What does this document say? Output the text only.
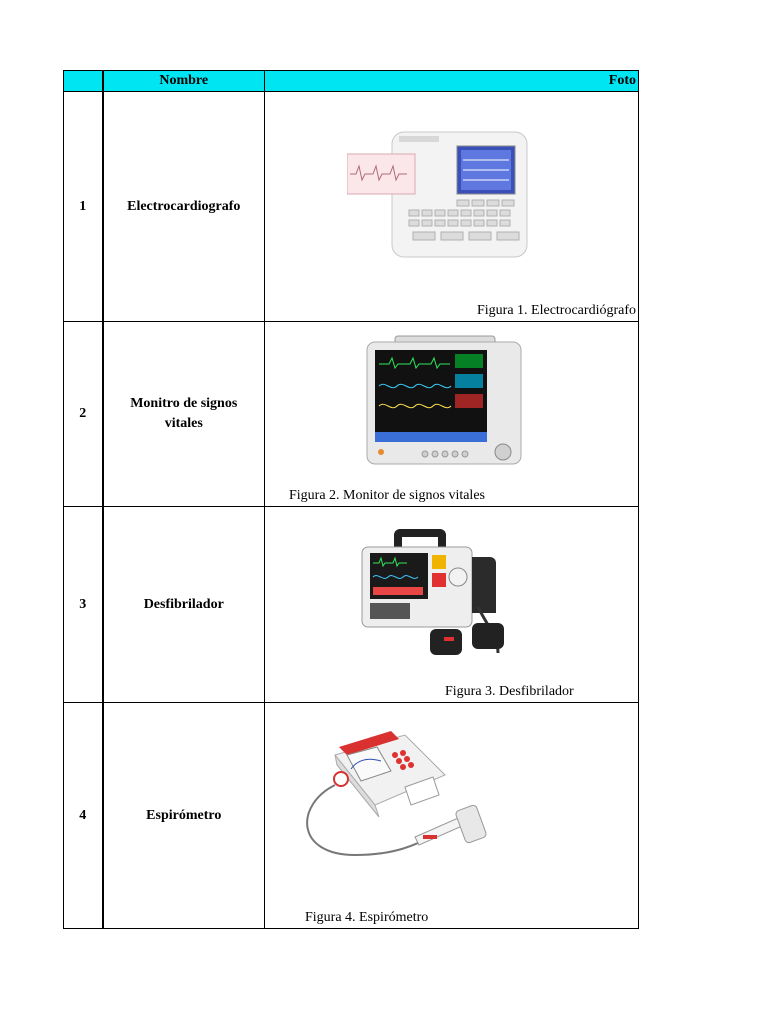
	Nombre	Foto
1	Electrocardiografo	Figura 1. Electrocardiógrafo

2	Monitro de signos vitales	Figura 2. Monitor de signos vitales

3	Desfibrilador	Figura 3. Desfibrilador

4	Espirómetro	Figura 4. Espirómetro
